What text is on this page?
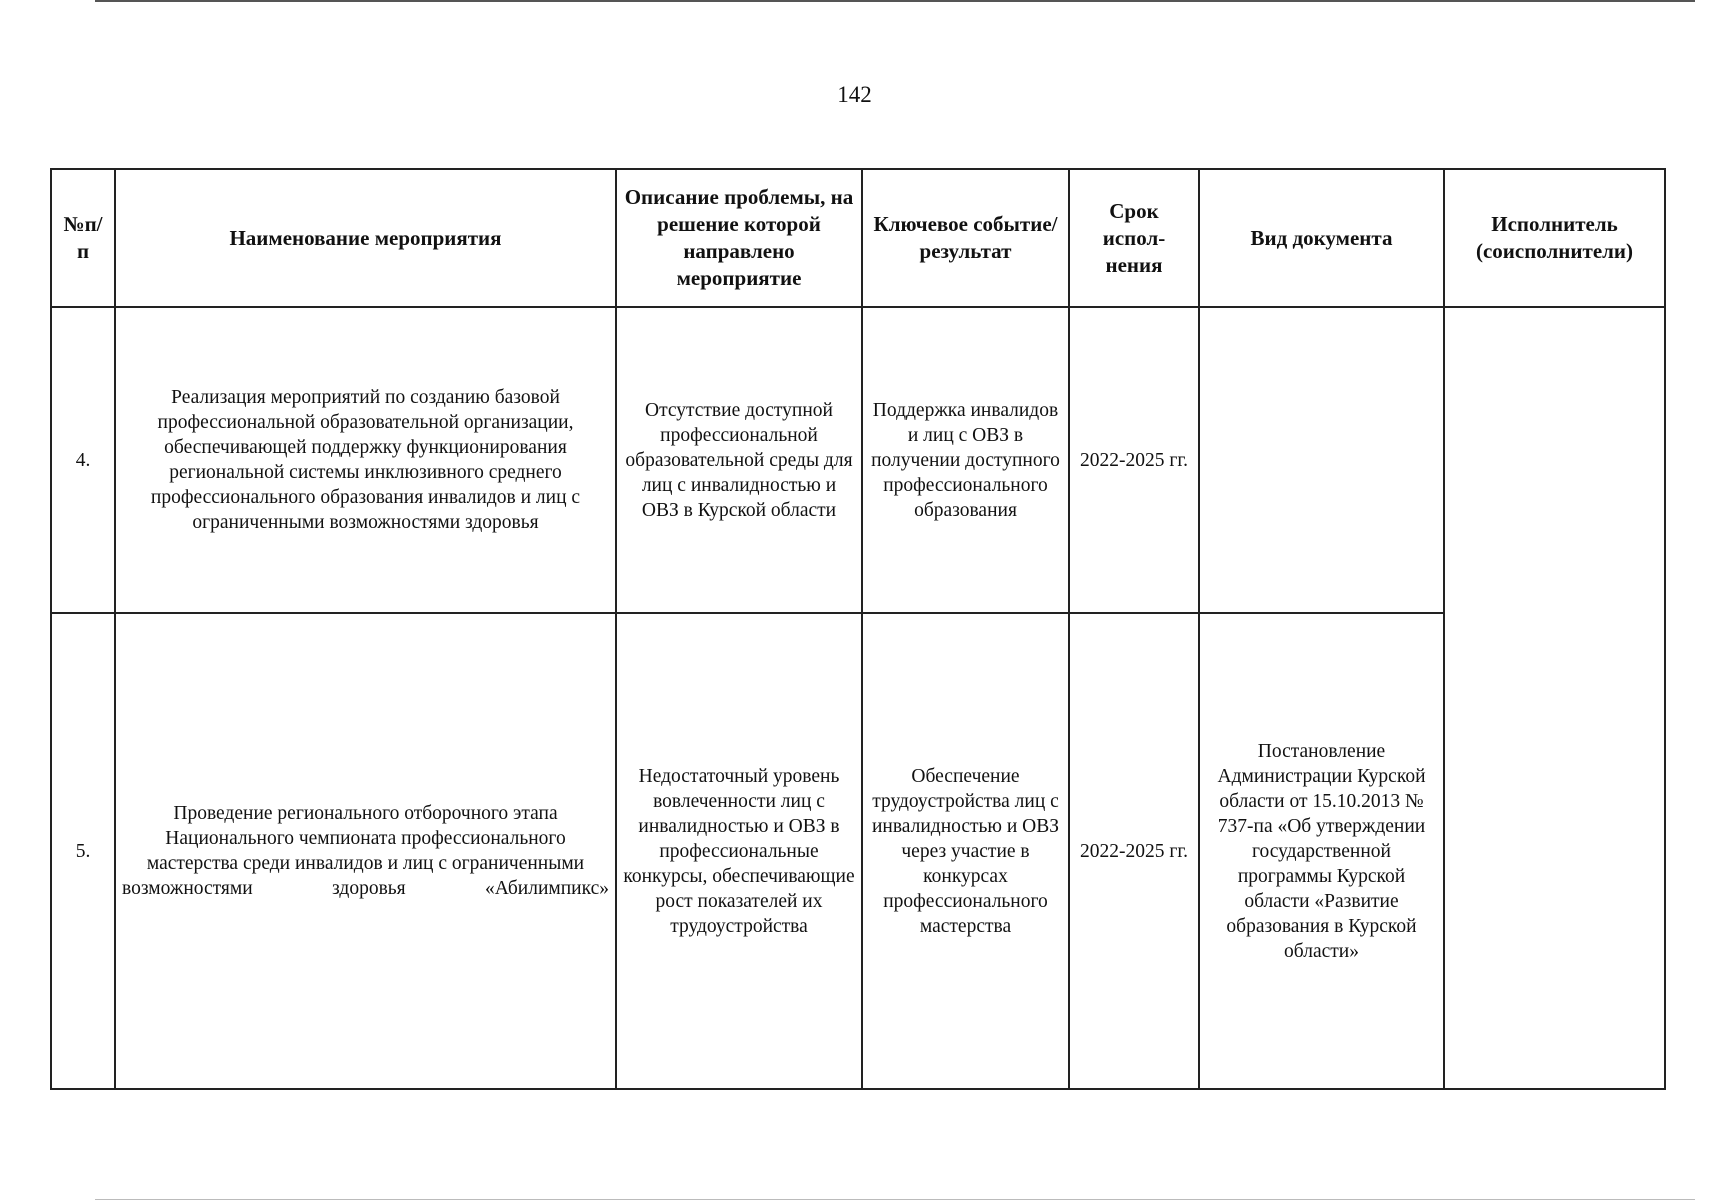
142
№п/п	Наименование мероприятия	Описание проблемы, на решение которой направлено мероприятие	Ключевое событие/ результат	Срок испол-нения	Вид документа	Исполнитель (соисполнители)
4.	Реализация мероприятий по созданию базовой профессиональной образовательной организации, обеспечивающей поддержку функционирования региональной системы инклюзивного среднего профессионального образования инвалидов и лиц с ограниченными возможностями здоровья	Отсутствие доступной профессиональной образовательной среды для лиц с инвалидностью и ОВЗ в Курской области	Поддержка инвалидов и лиц с ОВЗ в получении доступного профессионального образования	2022-2025 гг.		
5.	Проведение регионального отборочного этапа Национального чемпионата профессионального мастерства среди инвалидов и лиц с ограниченными возможностями здоровья «Абилимпикс»	Недостаточный уровень вовлеченности лиц с инвалидностью и ОВЗ в профессиональные конкурсы, обеспечивающие рост показателей их трудоустройства	Обеспечение трудоустройства лиц с инвалидностью и ОВЗ через участие в конкурсах профессионального мастерства	2022-2025 гг.	Постановление Администрации Курской области от 15.10.2013 № 737-па «Об утверждении государственной программы Курской области «Развитие образования в Курской области»	
